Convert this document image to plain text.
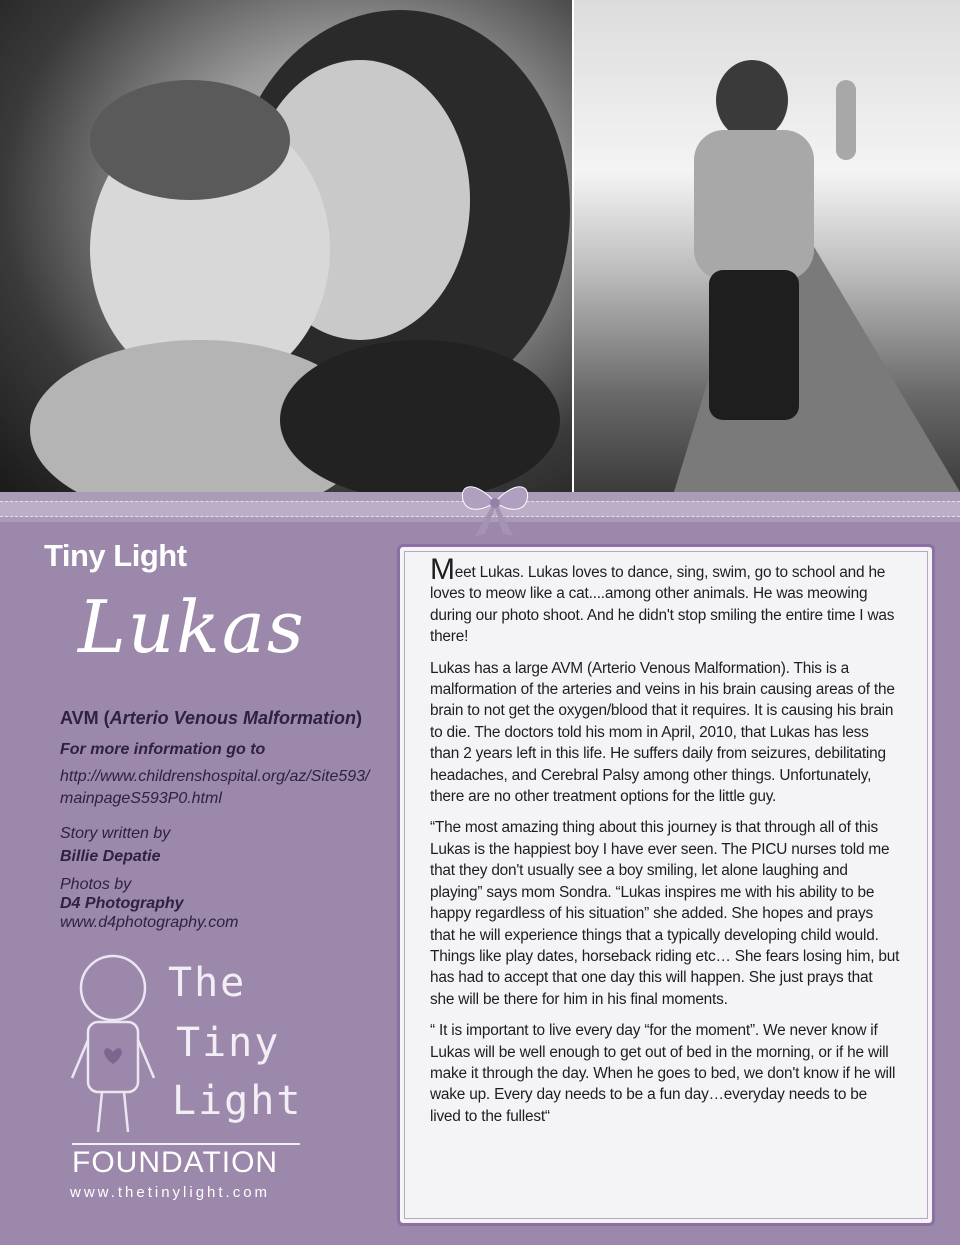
Tiny Light
Lukas
AVM (Arterio Venous Malformation)
For more information go to
http://www.childrenshospital.org/az/Site593/mainpageS593P0.html
Story written by
Billie Depatie
Photos by
D4 Photography
www.d4photography.com
The
Tiny
Light
FOUNDATION
www.thetinylight.com

Meet Lukas. Lukas loves to dance, sing, swim, go to school and he loves to meow like a cat....among other animals. He was meowing during our photo shoot. And he didn't stop smiling the entire time I was there!

Lukas has a large AVM (Arterio Venous Malformation). This is a malformation of the arteries and veins in his brain causing areas of the brain to not get the oxygen/blood that it requires. It is causing his brain to die. The doctors told his mom in April, 2010, that Lukas has less than 2 years left in this life. He suffers daily from seizures, debilitating headaches, and Cerebral Palsy among other things. Unfortunately, there are no other treatment options for the little guy.

“The most amazing thing about this journey is that through all of this Lukas is the happiest boy I have ever seen. The PICU nurses told me that they don't usually see a boy smiling, let alone laughing and playing” says mom Sondra. “Lukas inspires me with his ability to be happy regardless of his situation” she added. She hopes and prays that he will experience things that a typically developing child would. Things like play dates, horseback riding etc… She fears losing him, but has had to accept that one day this will happen. She just prays that she will be there for him in his final moments.

“ It is important to live every day “for the moment”. We never know if Lukas will be well enough to get out of bed in the morning, or if he will make it through the day. When he goes to bed, we don't know if he will wake up. Every day needs to be a fun day…everyday needs to be lived to the fullest“
